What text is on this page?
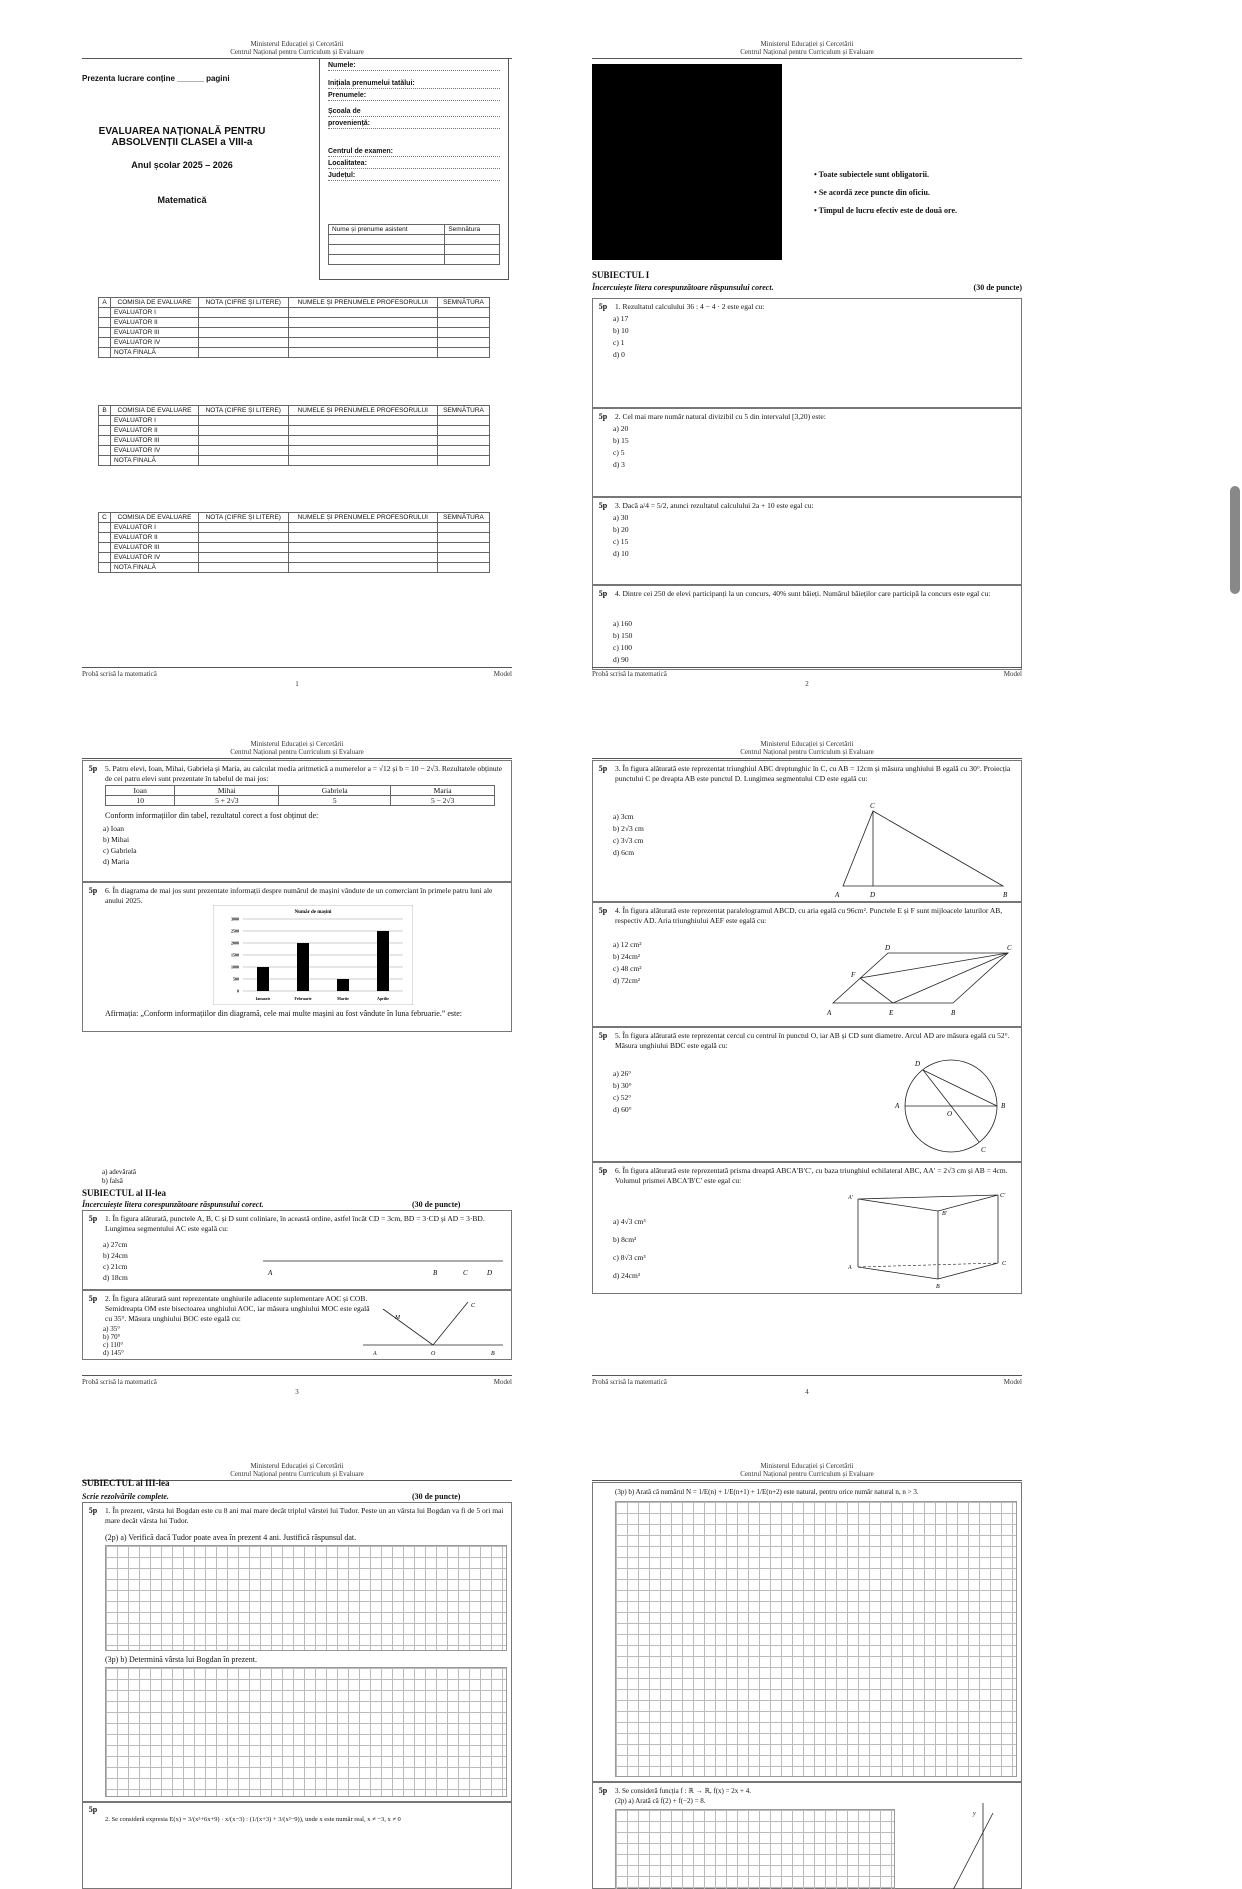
Ministerul Educației și Cercetării
Centrul Național pentru Curriculum și Evaluare
Prezenta lucrare conține ______ pagini
EVALUAREA NAȚIONALĂ PENTRU
ABSOLVENȚII CLASEI a VIII-a
Anul școlar 2025 – 2026
Matematică
Numele:
Inițiala prenumelui tatălui:
Prenumele:
Școala de
proveniență:
Centrul de examen:
Localitatea:
Județul:
Nume și prenume asistent	Semnătura

A	COMISIA DE EVALUARE	NOTA (CIFRE ȘI LITERE)	NUMELE ȘI PRENUMELE PROFESORULUI	SEMNĂTURA
	EVALUATOR I			
	EVALUATOR II			
	EVALUATOR III			
	EVALUATOR IV			
	NOTA FINALĂ			
B	COMISIA DE EVALUARE	NOTA (CIFRE ȘI LITERE)	NUMELE ȘI PRENUMELE PROFESORULUI	SEMNĂTURA
	EVALUATOR I			
	EVALUATOR II			
	EVALUATOR III			
	EVALUATOR IV			
	NOTA FINALĂ			
C	COMISIA DE EVALUARE	NOTA (CIFRE ȘI LITERE)	NUMELE ȘI PRENUMELE PROFESORULUI	SEMNĂTURA
	EVALUATOR I			
	EVALUATOR II			
	EVALUATOR III			
	EVALUATOR IV			
	NOTA FINALĂ			
Probă scrisă la matematică	Model
1
Ministerul Educației și Cercetării
Centrul Național pentru Curriculum și Evaluare
• Toate subiectele sunt obligatorii.
• Se acordă zece puncte din oficiu.
• Timpul de lucru efectiv este de două ore.
SUBIECTUL I
Încercuiește litera corespunzătoare răspunsului corect.	(30 de puncte)
5p	1. Rezultatul calculului 36 : 4 − 4 · 2 este egal cu:
a) 17
b) 10
c) 1
d) 0
5p	2. Cel mai mare număr natural divizibil cu 5 din intervalul [3,20) este:
a) 20
b) 15
c) 5
d) 3
5p	3. Dacă a/4 = 5/2, atunci rezultatul calculului 2a + 10 este egal cu:
a) 30
b) 20
c) 15
d) 10
5p	4. Dintre cei 250 de elevi participanți la un concurs, 40% sunt băieți. Numărul băieților care participă la concurs este egal cu:
a) 160
b) 150
c) 100
d) 90
Probă scrisă la matematică	Model
2
Ministerul Educației și Cercetării
Centrul Național pentru Curriculum și Evaluare
5p	5. Patru elevi, Ioan, Mihai, Gabriela și Maria, au calculat media aritmetică a numerelor a = √12 și b = 10 − 2√3. Rezultatele obținute de cei patru elevi sunt prezentate în tabelul de mai jos:
Ioan	Mihai	Gabriela	Maria
10	5 + 2√3	5	5 − 2√3
Conform informațiilor din tabel, rezultatul corect a fost obținut de:
a) Ioan
b) Mihai
c) Gabriela
d) Maria
5p	6. În diagrama de mai jos sunt prezentate informații despre numărul de mașini vândute de un comerciant în primele patru luni ale anului 2025.
Număr de mașini
0
500
1000
1500
2000
2500
3000
Ianuarie	Februarie	Martie	Aprilie
Afirmația: „Conform informațiilor din diagramă, cele mai multe mașini au fost vândute în luna februarie.” este:
a) adevărată
b) falsă
SUBIECTUL al II-lea
Încercuiește litera corespunzătoare răspunsului corect.	(30 de puncte)
5p	1. În figura alăturată, punctele A, B, C și D sunt coliniare, în această ordine, astfel încât CD = 3cm, BD = 3·CD și AD = 3·BD. Lungimea segmentului AC este egală cu:
a) 27cm
b) 24cm
c) 21cm
d) 18cm	A	B	C	D
5p	2. În figura alăturată sunt reprezentate unghiurile adiacente suplementare AOC și COB. Semidreapta OM este bisectoarea unghiului AOC, iar măsura unghiului MOC este egală cu 35°. Măsura unghiului BOC este egală cu:
a) 35°
b) 70°
c) 110°
d) 145°	A	O	B
C
M
Probă scrisă la matematică	Model
3
Ministerul Educației și Cercetării
Centrul Național pentru Curriculum și Evaluare
5p	3. În figura alăturată este reprezentat triunghiul ABC dreptunghic în C, cu AB = 12cm și măsura unghiului B egală cu 30°. Proiecția punctului C pe dreapta AB este punctul D. Lungimea segmentului CD este egală cu:
a) 3cm
b) 2√3 cm
c) 3√3 cm
d) 6cm
A	D	B
C
5p	4. În figura alăturată este reprezentat paralelogramul ABCD, cu aria egală cu 96cm². Punctele E și F sunt mijloacele laturilor AB, respectiv AD. Aria triunghiului AEF este egală cu:
a) 12 cm²
b) 24cm²
c) 48 cm²
d) 72cm²
A	E	B
C
D
F
5p	5. În figura alăturată este reprezentat cercul cu centrul în punctul O, iar AB și CD sunt diametre. Arcul AD are măsura egală cu 52°. Măsura unghiului BDC este egală cu:
a) 26°
b) 30°
c) 52°
d) 60°	A
O
B
C
D
5p	6. În figura alăturată este reprezentată prisma dreaptă ABCA′B′C′, cu baza triunghiul echilateral ABC, AA′ = 2√3 cm și AB = 4cm. Volumul prismei ABCA′B′C′ este egal cu:
a) 4√3 cm³
b) 8cm³
c) 8√3 cm³
d) 24cm³
A′
B′
C′
A
B
C
Probă scrisă la matematică	Model
4
Ministerul Educației și Cercetării
Centrul Național pentru Curriculum și Evaluare
SUBIECTUL al III-lea
Scrie rezolvările complete.	(30 de puncte)
5p	1. În prezent, vârsta lui Bogdan este cu 8 ani mai mare decât triplul vârstei lui Tudor. Peste un an vârsta lui Bogdan va fi de 5 ori mai mare decât vârsta lui Tudor.
(2p) a) Verifică dacă Tudor poate avea în prezent 4 ani. Justifică răspunsul dat.
(3p) b) Determină vârsta lui Bogdan în prezent.
5p
2. Se consideră expresia E(x) = 3/(x²+6x+9) · x/(x−3) : (1/(x+3) + 3/(x²−9)), unde x este număr real, x ≠ −3, x ≠ 0
Ministerul Educației și Cercetării
Centrul Național pentru Curriculum și Evaluare
(3p) b) Arată că numărul N = 1/E(n) + 1/E(n+1) + 1/E(n+2) este natural, pentru orice număr natural n, n > 3.
5p	3. Se consideră funcția f : ℝ → ℝ, f(x) = 2x + 4.
(2p) a) Arată că f(2) + f(−2) = 8.
y
